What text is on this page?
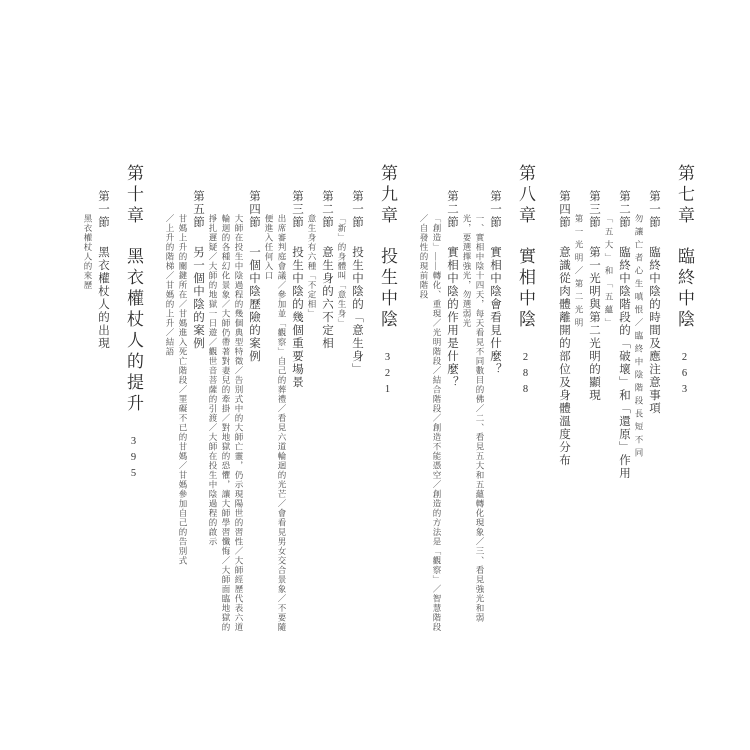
第七章 臨終中陰 263
第一節 臨終中陰的時間及應注意事項
勿讓亡者心生嗔恨／臨終中陰階段長短不同
第二節 臨終中陰階段的「破壞」和「還原」作用
「五大」和「五蘊」
第三節 第一光明與第二光明的顯現
第一光明／第二光明
第四節 意識從肉體離開的部位及身體溫度分布
第八章 實相中陰 288
第一節 實相中陰會看見什麼？
一、實相中陰十四天，每天看見不同數目的佛／二、看見五大和五蘊轉化現象／三、看見強光和弱
光，要選擇強光，勿選弱光
第二節 實相中陰的作用是什麼？
「創造」——轉化、重現／光明階段／結合階段／創造不能憑空／創造的方法是「觀察」／智慧階段
／自發性的現前階段
第九章 投生中陰 321
第一節 投生中陰的「意生身」
「新」的身體叫「意生身」
第二節 意生身的六不定相
意生身有六種「不定相」
第三節 投生中陰的幾個重要場景
出席審判庭會議／參加並「觀察」自己的葬禮／看見六道輪迴的光芒／會看見男女交合景象／不要隨
便進入任何入口
第四節 一個中陰歷險的案例
大師在投生中陰過程的幾個典型特徵／告別式中的大師亡靈，仍示現陽世的習性／大師經歷代表六道
輪迴的各種幻化景象／大師仍帶著對妻兒的牽掛／對地獄的恐懼，讓大師學習懺悔／大師面臨地獄的
掙扎遲疑／大師的地獄一日遊／觀世音菩薩的引渡／大師在投生中陰過程的啟示
第五節 另一個中陰的案例
甘媽上升的關鍵所在／甘媽進入死亡階段／罣礙不已的甘媽／甘媽參加自己的告別式
／上升的階梯／甘媽的上升／結語
第十章 黑衣權杖人的提升 395
第一節 黑衣權杖人的出現
黑衣權杖人的來歷
